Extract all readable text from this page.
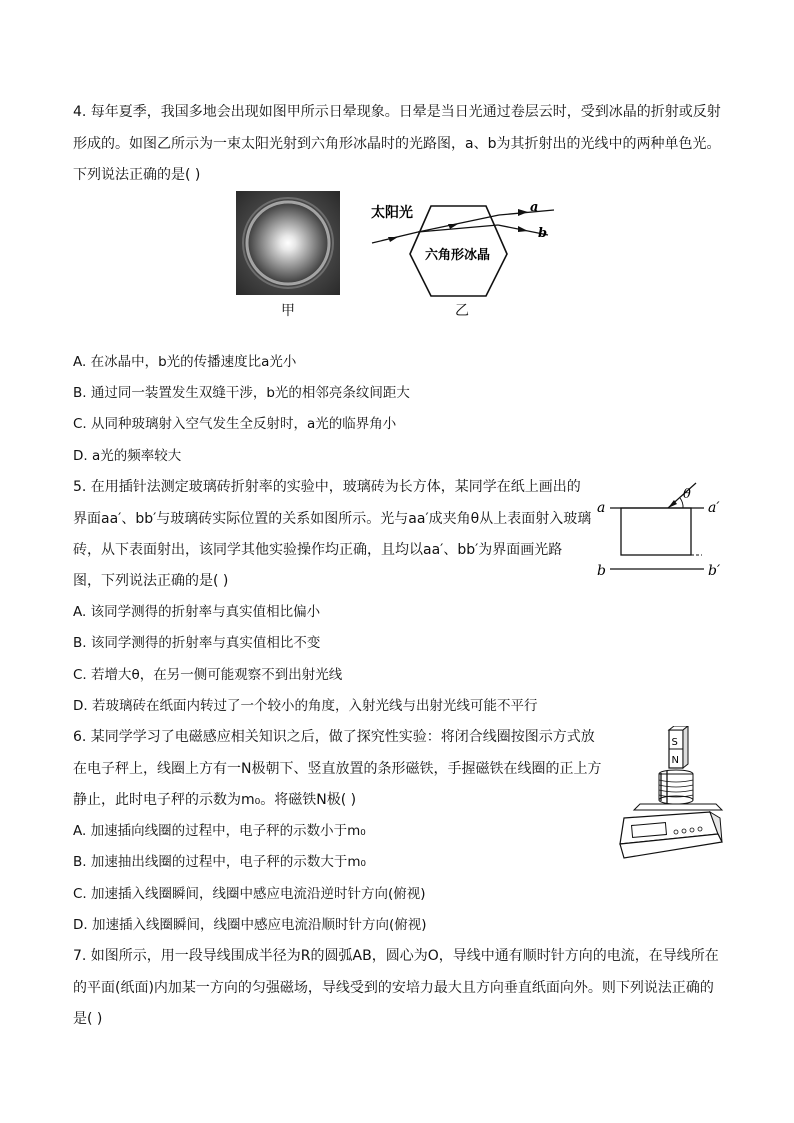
4. 每年夏季，我国多地会出现如图甲所示日晕现象。日晕是当日光通过卷层云时，受到冰晶的折射或反射
形成的。如图乙所示为一束太阳光射到六角形冰晶时的光路图，a、b为其折射出的光线中的两种单色光。
下列说法正确的是( )
甲
太阳光
六角形冰晶
a
b
乙
A. 在冰晶中，b光的传播速度比a光小
B. 通过同一装置发生双缝干涉，b光的相邻亮条纹间距大
C. 从同种玻璃射入空气发生全反射时，a光的临界角小
D. a光的频率较大
5. 在用插针法测定玻璃砖折射率的实验中，玻璃砖为长方体，某同学在纸上画出的
界面aa′、bb′与玻璃砖实际位置的关系如图所示。光与aa′成夹角θ从上表面射入玻璃
砖，从下表面射出，该同学其他实验操作均正确，且均以aa′、bb′为界面画光路
图，下列说法正确的是( )
a	a′
θ
b	b′
A. 该同学测得的折射率与真实值相比偏小
B. 该同学测得的折射率与真实值相比不变
C. 若增大θ，在另一侧可能观察不到出射光线
D. 若玻璃砖在纸面内转过了一个较小的角度，入射光线与出射光线可能不平行
6. 某同学学习了电磁感应相关知识之后，做了探究性实验：将闭合线圈按图示方式放
在电子秤上，线圈上方有一N极朝下、竖直放置的条形磁铁，手握磁铁在线圈的正上方
静止，此时电子秤的示数为m₀。将磁铁N极( )
S
N
A. 加速插向线圈的过程中，电子秤的示数小于m₀
B. 加速抽出线圈的过程中，电子秤的示数大于m₀
C. 加速插入线圈瞬间，线圈中感应电流沿逆时针方向(俯视)
D. 加速插入线圈瞬间，线圈中感应电流沿顺时针方向(俯视)
7. 如图所示，用一段导线围成半径为R的圆弧AB，圆心为O，导线中通有顺时针方向的电流，在导线所在
的平面(纸面)内加某一方向的匀强磁场，导线受到的安培力最大且方向垂直纸面向外。则下列说法正确的
是( )
